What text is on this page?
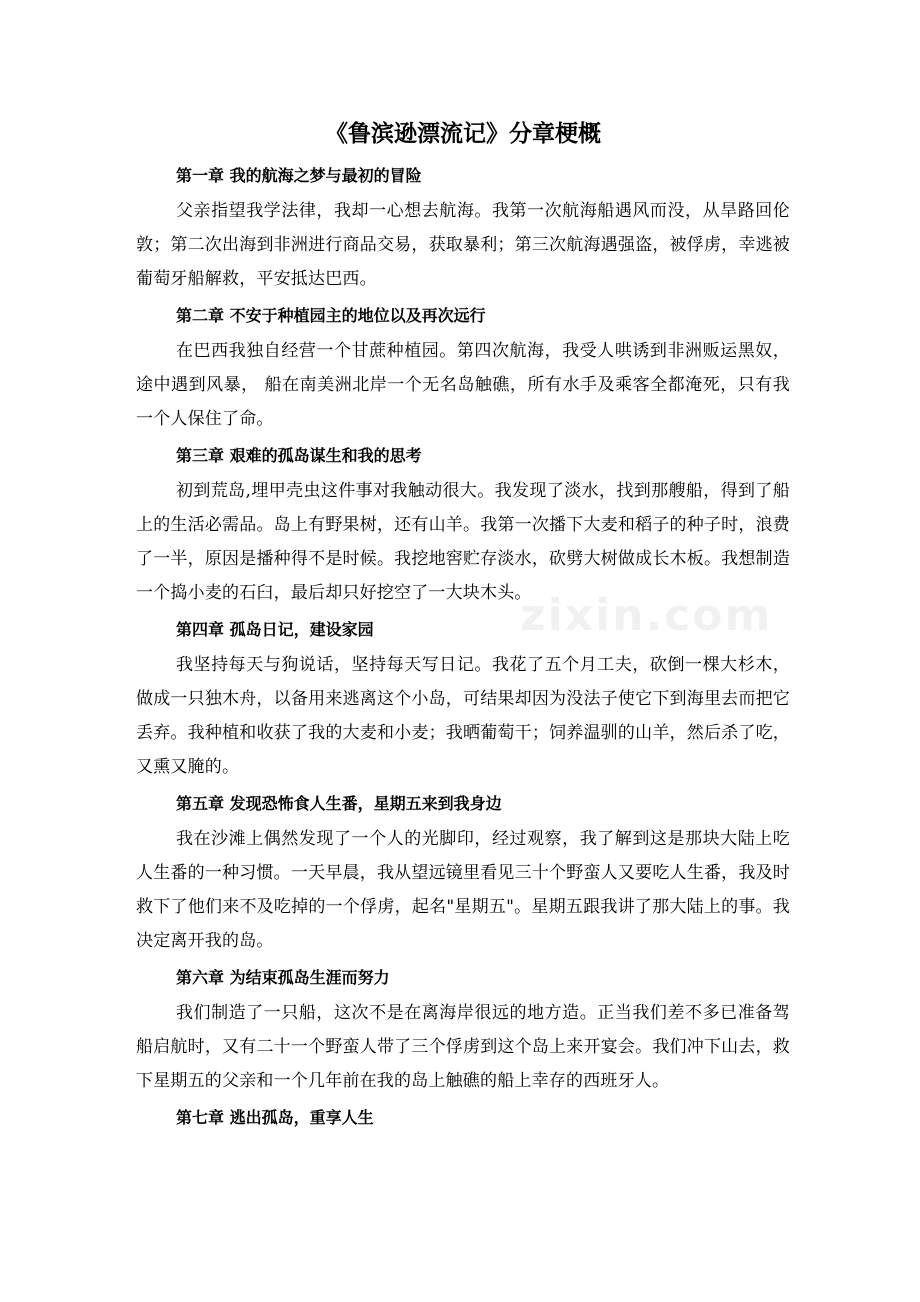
zixin.com
《鲁滨逊漂流记》分章梗概
第一章 我的航海之梦与最初的冒险

父亲指望我学法律，我却一心想去航海。我第一次航海船遇风而没，从旱路回伦敦；第二次出海到非洲进行商品交易，获取暴利；第三次航海遇强盗，被俘虏，幸逃被葡萄牙船解救，平安抵达巴西。

第二章 不安于种植园主的地位以及再次远行

在巴西我独自经营一个甘蔗种植园。第四次航海，我受人哄诱到非洲贩运黑奴，途中遇到风暴， 船在南美洲北岸一个无名岛触礁，所有水手及乘客全都淹死，只有我一个人保住了命。

第三章 艰难的孤岛谋生和我的思考

初到荒岛,埋甲壳虫这件事对我触动很大。我发现了淡水，找到那艘船，得到了船上的生活必需品。岛上有野果树，还有山羊。我第一次播下大麦和稻子的种子时，浪费了一半，原因是播种得不是时候。我挖地窖贮存淡水，砍劈大树做成长木板。我想制造一个捣小麦的石臼，最后却只好挖空了一大块木头。

第四章 孤岛日记，建设家园

我坚持每天与狗说话，坚持每天写日记。我花了五个月工夫，砍倒一棵大杉木，做成一只独木舟，以备用来逃离这个小岛，可结果却因为没法子使它下到海里去而把它丢弃。我种植和收获了我的大麦和小麦；我晒葡萄干；饲养温驯的山羊，然后杀了吃，又熏又腌的。

第五章 发现恐怖食人生番，星期五来到我身边

我在沙滩上偶然发现了一个人的光脚印，经过观察，我了解到这是那块大陆上吃人生番的一种习惯。一天早晨，我从望远镜里看见三十个野蛮人又要吃人生番，我及时救下了他们来不及吃掉的一个俘虏，起名"星期五"。星期五跟我讲了那大陆上的事。我决定离开我的岛。

第六章 为结束孤岛生涯而努力

我们制造了一只船，这次不是在离海岸很远的地方造。正当我们差不多已准备驾船启航时，又有二十一个野蛮人带了三个俘虏到这个岛上来开宴会。我们冲下山去，救下星期五的父亲和一个几年前在我的岛上触礁的船上幸存的西班牙人。

第七章 逃出孤岛，重享人生
